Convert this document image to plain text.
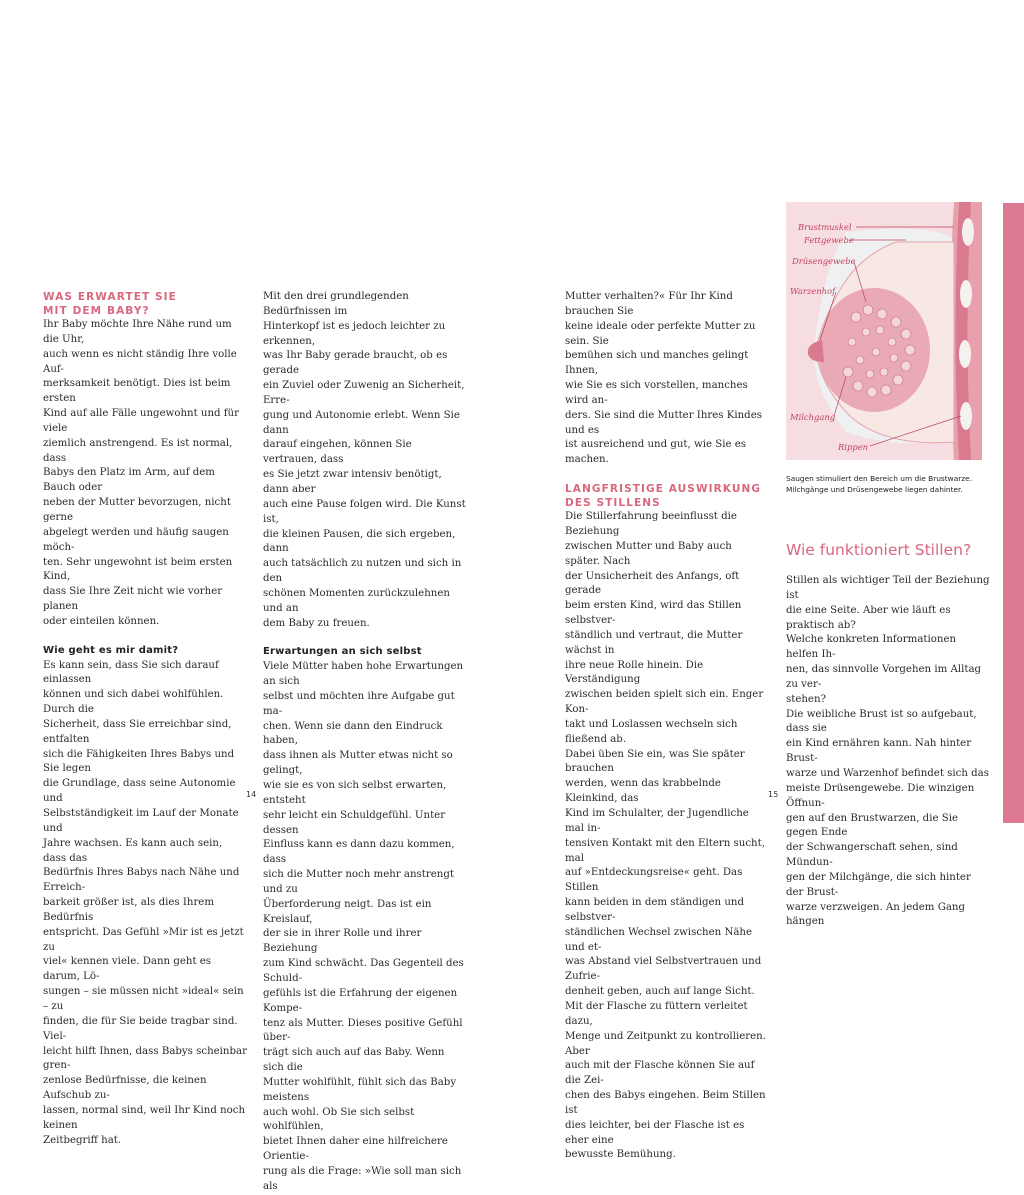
WAS ERWARTET SIE
MIT DEM BABY?

Ihr Baby möchte Ihre Nähe rund um die Uhr,
auch wenn es nicht ständig Ihre volle Auf-
merksamkeit benötigt. Dies ist beim ersten
Kind auf alle Fälle ungewohnt und für viele
ziemlich anstrengend. Es ist normal, dass
Babys den Platz im Arm, auf dem Bauch oder
neben der Mutter bevorzugen, nicht gerne
abgelegt werden und häufig saugen möch-
ten. Sehr ungewohnt ist beim ersten Kind,
dass Sie Ihre Zeit nicht wie vorher planen
oder einteilen können.

Wie geht es mir damit?

Es kann sein, dass Sie sich darauf einlassen
können und sich dabei wohlfühlen. Durch die
Sicherheit, dass Sie erreichbar sind, entfalten
sich die Fähigkeiten Ihres Babys und Sie legen
die Grundlage, dass seine Autonomie und
Selbstständigkeit im Lauf der Monate und
Jahre wachsen. Es kann auch sein, dass das
Bedürfnis Ihres Babys nach Nähe und Erreich-
barkeit größer ist, als dies Ihrem Bedürfnis
entspricht. Das Gefühl »Mir ist es jetzt zu
viel« kennen viele. Dann geht es darum, Lö-
sungen – sie müssen nicht »ideal« sein – zu
finden, die für Sie beide tragbar sind. Viel-
leicht hilft Ihnen, dass Babys scheinbar gren-
zenlose Bedürfnisse, die keinen Aufschub zu-
lassen, normal sind, weil Ihr Kind noch keinen
Zeitbegriff hat.

Mit den drei grundlegenden Bedürfnissen im
Hinterkopf ist es jedoch leichter zu erkennen,
was Ihr Baby gerade braucht, ob es gerade
ein Zuviel oder Zuwenig an Sicherheit, Erre-
gung und Autonomie erlebt. Wenn Sie dann
darauf eingehen, können Sie vertrauen, dass
es Sie jetzt zwar intensiv benötigt, dann aber
auch eine Pause folgen wird. Die Kunst ist,
die kleinen Pausen, die sich ergeben, dann
auch tatsächlich zu nutzen und sich in den
schönen Momenten zurückzulehnen und an
dem Baby zu freuen.

Erwartungen an sich selbst

Viele Mütter haben hohe Erwartungen an sich
selbst und möchten ihre Aufgabe gut ma-
chen. Wenn sie dann den Eindruck haben,
dass ihnen als Mutter etwas nicht so gelingt,
wie sie es von sich selbst erwarten, entsteht
sehr leicht ein Schuldgefühl. Unter dessen
Einfluss kann es dann dazu kommen, dass
sich die Mutter noch mehr anstrengt und zu
Überforderung neigt. Das ist ein Kreislauf,
der sie in ihrer Rolle und ihrer Beziehung
zum Kind schwächt. Das Gegenteil des Schuld-
gefühls ist die Erfahrung der eigenen Kompe-
tenz als Mutter. Dieses positive Gefühl über-
trägt sich auch auf das Baby. Wenn sich die
Mutter wohlfühlt, fühlt sich das Baby meistens
auch wohl. Ob Sie sich selbst wohlfühlen,
bietet Ihnen daher eine hilfreichere Orientie-
rung als die Frage: »Wie soll man sich als

14

Mutter verhalten?« Für Ihr Kind brauchen Sie
keine ideale oder perfekte Mutter zu sein. Sie
bemühen sich und manches gelingt Ihnen,
wie Sie es sich vorstellen, manches wird an-
ders. Sie sind die Mutter Ihres Kindes und es
ist ausreichend und gut, wie Sie es machen.

LANGFRISTIGE AUSWIRKUNG
DES STILLENS

Die Stillerfahrung beeinflusst die Beziehung
zwischen Mutter und Baby auch später. Nach
der Unsicherheit des Anfangs, oft gerade
beim ersten Kind, wird das Stillen selbstver-
ständlich und vertraut, die Mutter wächst in
ihre neue Rolle hinein. Die Verständigung
zwischen beiden spielt sich ein. Enger Kon-
takt und Loslassen wechseln sich fließend ab.
Dabei üben Sie ein, was Sie später brauchen
werden, wenn das krabbelnde Kleinkind, das
Kind im Schulalter, der Jugendliche mal in-
tensiven Kontakt mit den Eltern sucht, mal
auf »Entdeckungsreise« geht. Das Stillen
kann beiden in dem ständigen und selbstver-
ständlichen Wechsel zwischen Nähe und et-
was Abstand viel Selbstvertrauen und Zufrie-
denheit geben, auch auf lange Sicht.
Mit der Flasche zu füttern verleitet dazu,
Menge und Zeitpunkt zu kontrollieren. Aber
auch mit der Flasche können Sie auf die Zei-
chen des Babys eingehen. Beim Stillen ist
dies leichter, bei der Flasche ist es eher eine
bewusste Bemühung.

15
Brustmuskel
Fettgewebe
Drüsengewebe
Warzenhof
Milchgang
Rippen
Saugen stimuliert den Bereich um die Brustwarze.
Milchgänge und Drüsengewebe liegen dahinter.
Wie funktioniert Stillen?

Stillen als wichtiger Teil der Beziehung ist
die eine Seite. Aber wie läuft es praktisch ab?
Welche konkreten Informationen helfen Ih-
nen, das sinnvolle Vorgehen im Alltag zu ver-
stehen?

Die weibliche Brust ist so aufgebaut, dass sie
ein Kind ernähren kann. Nah hinter Brust-
warze und Warzenhof befindet sich das
meiste Drüsengewebe. Die winzigen Öffnun-
gen auf den Brustwarzen, die Sie gegen Ende
der Schwangerschaft sehen, sind Mündun-
gen der Milchgänge, die sich hinter der Brust-
warze verzweigen. An jedem Gang hängen
